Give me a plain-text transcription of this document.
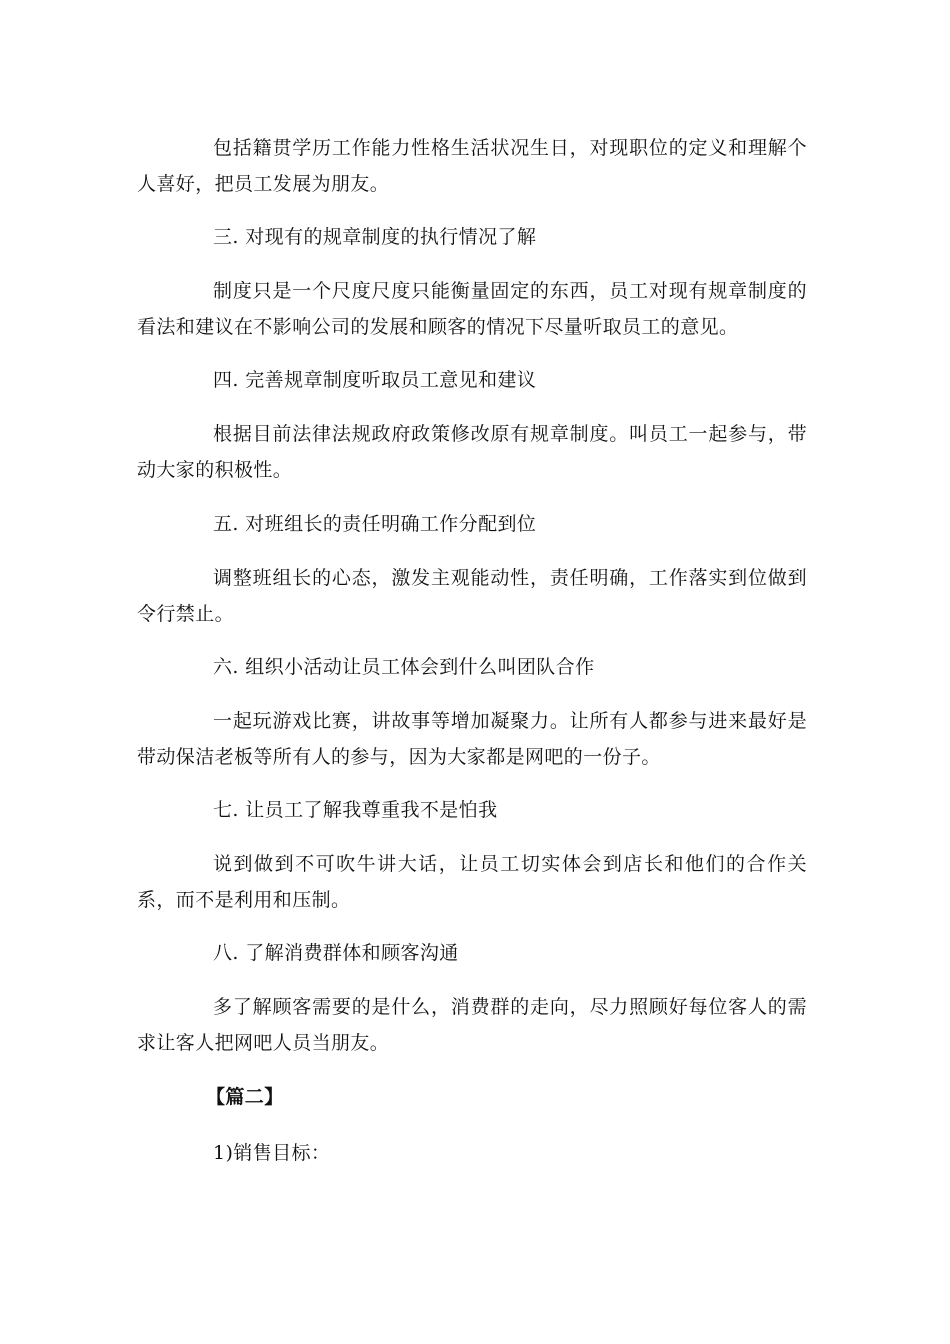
包括籍贯学历工作能力性格生活状况生日，对现职位的定义和理解个人喜好，把员工发展为朋友。

三. 对现有的规章制度的执行情况了解

制度只是一个尺度尺度只能衡量固定的东西，员工对现有规章制度的看法和建议在不影响公司的发展和顾客的情况下尽量听取员工的意见。

四. 完善规章制度听取员工意见和建议

根据目前法律法规政府政策修改原有规章制度。叫员工一起参与，带动大家的积极性。

五. 对班组长的责任明确工作分配到位

调整班组长的心态，激发主观能动性，责任明确，工作落实到位做到令行禁止。

六. 组织小活动让员工体会到什么叫团队合作

一起玩游戏比赛，讲故事等增加凝聚力。让所有人都参与进来最好是带动保洁老板等所有人的参与，因为大家都是网吧的一份子。

七. 让员工了解我尊重我不是怕我

说到做到不可吹牛讲大话，让员工切实体会到店长和他们的合作关系，而不是利用和压制。

八. 了解消费群体和顾客沟通

多了解顾客需要的是什么，消费群的走向，尽力照顾好每位客人的需求让客人把网吧人员当朋友。

【篇二】

1)销售目标：
